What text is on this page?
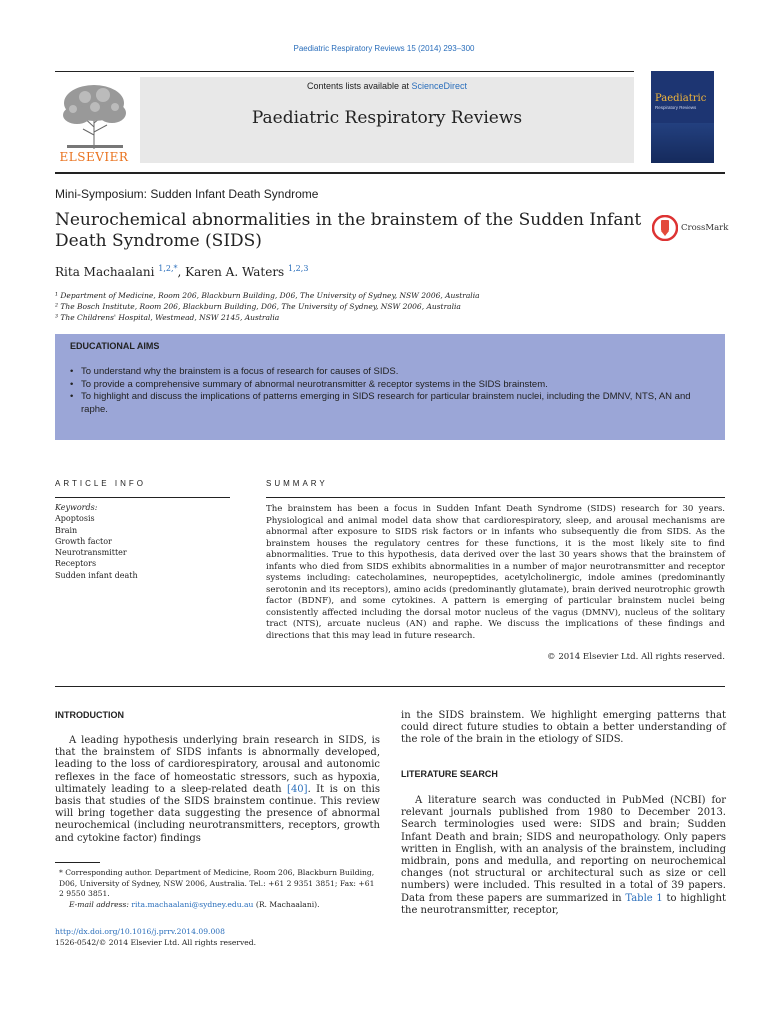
Paediatric Respiratory Reviews 15 (2014) 293–300
ELSEVIER
Contents lists available at ScienceDirect
Paediatric Respiratory Reviews
Paediatric
Respiratory Reviews
Mini-Symposium: Sudden Infant Death Syndrome
Neurochemical abnormalities in the brainstem of the Sudden Infant Death Syndrome (SIDS)
CrossMark
Rita Machaalani $^{1,2,*}$, Karen A. Waters $^{1,2,3}$
¹ Department of Medicine, Room 206, Blackburn Building, D06, The University of Sydney, NSW 2006, Australia
² The Bosch Institute, Room 206, Blackburn Building, D06, The University of Sydney, NSW 2006, Australia
³ The Childrens' Hospital, Westmead, NSW 2145, Australia
EDUCATIONAL AIMS
• To understand why the brainstem is a focus of research for causes of SIDS.
• To provide a comprehensive summary of abnormal neurotransmitter & receptor systems in the SIDS brainstem.
• To highlight and discuss the implications of patterns emerging in SIDS research for particular brainstem nuclei, including the DMNV, NTS, AN and raphe.
ARTICLE INFO	SUMMARY
Keywords:
Apoptosis
Brain
Growth factor
Neurotransmitter
Receptors
Sudden infant death
The brainstem has been a focus in Sudden Infant Death Syndrome (SIDS) research for 30 years. Physiological and animal model data show that cardiorespiratory, sleep, and arousal mechanisms are abnormal after exposure to SIDS risk factors or in infants who subsequently die from SIDS. As the brainstem houses the regulatory centres for these functions, it is the most likely site to find abnormalities. True to this hypothesis, data derived over the last 30 years shows that the brainstem of infants who died from SIDS exhibits abnormalities in a number of major neurotransmitter and receptor systems including: catecholamines, neuropeptides, acetylcholinergic, indole amines (predominantly serotonin and its receptors), amino acids (predominantly glutamate), brain derived neurotrophic growth factor (BDNF), and some cytokines. A pattern is emerging of particular brainstem nuclei being consistently affected including the dorsal motor nucleus of the vagus (DMNV), nucleus of the solitary tract (NTS), arcuate nucleus (AN) and raphe. We discuss the implications of these findings and directions that this may lead in future research.
© 2014 Elsevier Ltd. All rights reserved.
INTRODUCTION
A leading hypothesis underlying brain research in SIDS, is that the brainstem of SIDS infants is abnormally developed, leading to the loss of cardiorespiratory, arousal and autonomic reflexes in the face of homeostatic stressors, such as hypoxia, ultimately leading to a sleep-related death [40]. It is on this basis that studies of the SIDS brainstem continue. This review will bring together data suggesting the presence of abnormal neurochemical (including neurotransmitters, receptors, growth and cytokine factor) findings
in the SIDS brainstem. We highlight emerging patterns that could direct future studies to obtain a better understanding of the role of the brain in the etiology of SIDS.
LITERATURE SEARCH
A literature search was conducted in PubMed (NCBI) for relevant journals published from 1980 to December 2013. Search terminologies used were: SIDS and brain; Sudden Infant Death and brain; SIDS and neuropathology. Only papers written in English, with an analysis of the brainstem, including midbrain, pons and medulla, and reporting on neurochemical changes (not structural or architectural such as size or cell numbers) were included. This resulted in a total of 39 papers. Data from these papers are summarized in Table 1 to highlight the neurotransmitter, receptor,
* Corresponding author. Department of Medicine, Room 206, Blackburn Building, D06, University of Sydney, NSW 2006, Australia. Tel.: +61 2 9351 3851; Fax: +61 2 9550 3851.
E-mail address: rita.machaalani@sydney.edu.au (R. Machaalani).
http://dx.doi.org/10.1016/j.prrv.2014.09.008
1526-0542/© 2014 Elsevier Ltd. All rights reserved.
